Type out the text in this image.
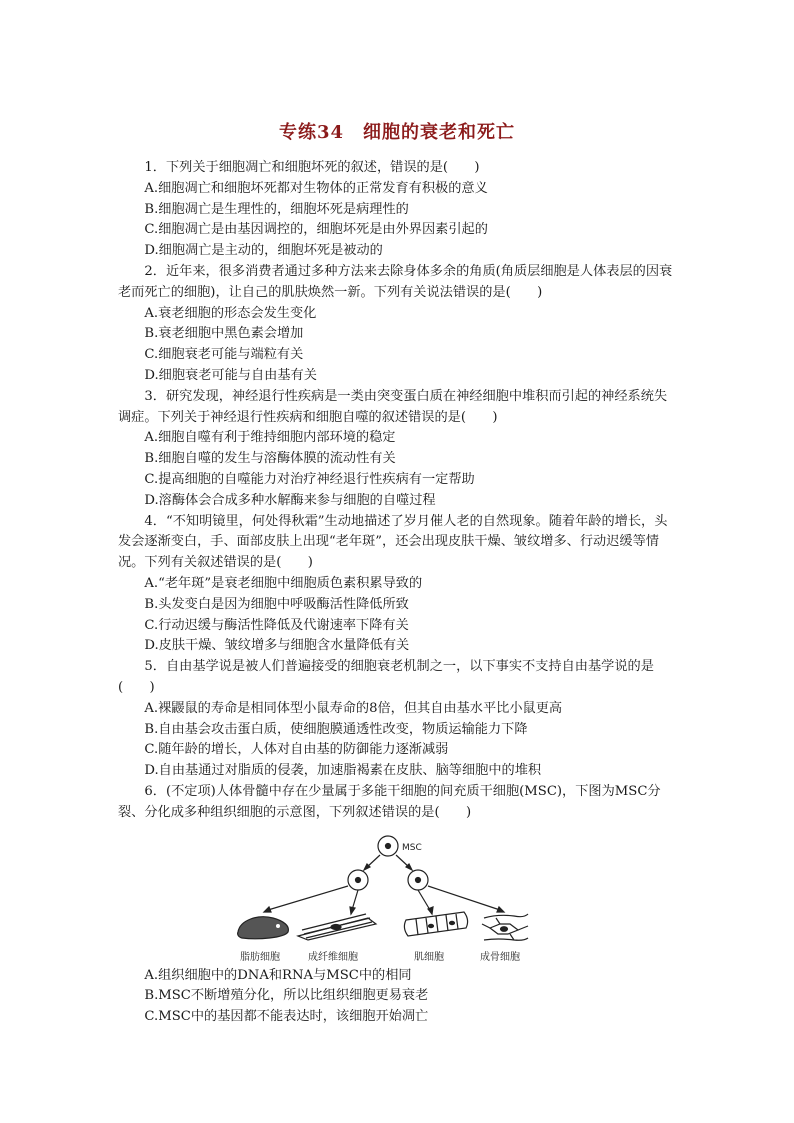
专练34　细胞的衰老和死亡

1．下列关于细胞凋亡和细胞坏死的叙述，错误的是(　　)

A.细胞凋亡和细胞坏死都对生物体的正常发育有积极的意义

B.细胞凋亡是生理性的，细胞坏死是病理性的

C.细胞凋亡是由基因调控的，细胞坏死是由外界因素引起的

D.细胞凋亡是主动的，细胞坏死是被动的

2．近年来，很多消费者通过多种方法来去除身体多余的角质(角质层细胞是人体表层的因衰老而死亡的细胞)，让自己的肌肤焕然一新。下列有关说法错误的是(　　)

A.衰老细胞的形态会发生变化

B.衰老细胞中黑色素会增加

C.细胞衰老可能与端粒有关

D.细胞衰老可能与自由基有关

3．研究发现，神经退行性疾病是一类由突变蛋白质在神经细胞中堆积而引起的神经系统失调症。下列关于神经退行性疾病和细胞自噬的叙述错误的是(　　)

A.细胞自噬有利于维持细胞内部环境的稳定

B.细胞自噬的发生与溶酶体膜的流动性有关

C.提高细胞的自噬能力对治疗神经退行性疾病有一定帮助

D.溶酶体会合成多种水解酶来参与细胞的自噬过程

4．“不知明镜里，何处得秋霜”生动地描述了岁月催人老的自然现象。随着年龄的增长，头发会逐渐变白，手、面部皮肤上出现“老年斑”，还会出现皮肤干燥、皱纹增多、行动迟缓等情况。下列有关叙述错误的是(　　)

A.“老年斑”是衰老细胞中细胞质色素积累导致的

B.头发变白是因为细胞中呼吸酶活性降低所致

C.行动迟缓与酶活性降低及代谢速率下降有关

D.皮肤干燥、皱纹增多与细胞含水量降低有关

5．自由基学说是被人们普遍接受的细胞衰老机制之一，以下事实不支持自由基学说的是(　　)

A.裸鼹鼠的寿命是相同体型小鼠寿命的8倍，但其自由基水平比小鼠更高

B.自由基会攻击蛋白质，使细胞膜通透性改变，物质运输能力下降

C.随年龄的增长，人体对自由基的防御能力逐渐减弱

D.自由基通过对脂质的侵袭，加速脂褐素在皮肤、脑等细胞中的堆积

6．(不定项)人体骨髓中存在少量属于多能干细胞的间充质干细胞(MSC)，下图为MSC分裂、分化成多种组织细胞的示意图，下列叙述错误的是(　　)

MSC
脂肪细胞	成纤维细胞	肌细胞	成骨细胞

A.组织细胞中的DNA和RNA与MSC中的相同

B.MSC不断增殖分化，所以比组织细胞更易衰老

C.MSC中的基因都不能表达时，该细胞开始凋亡
